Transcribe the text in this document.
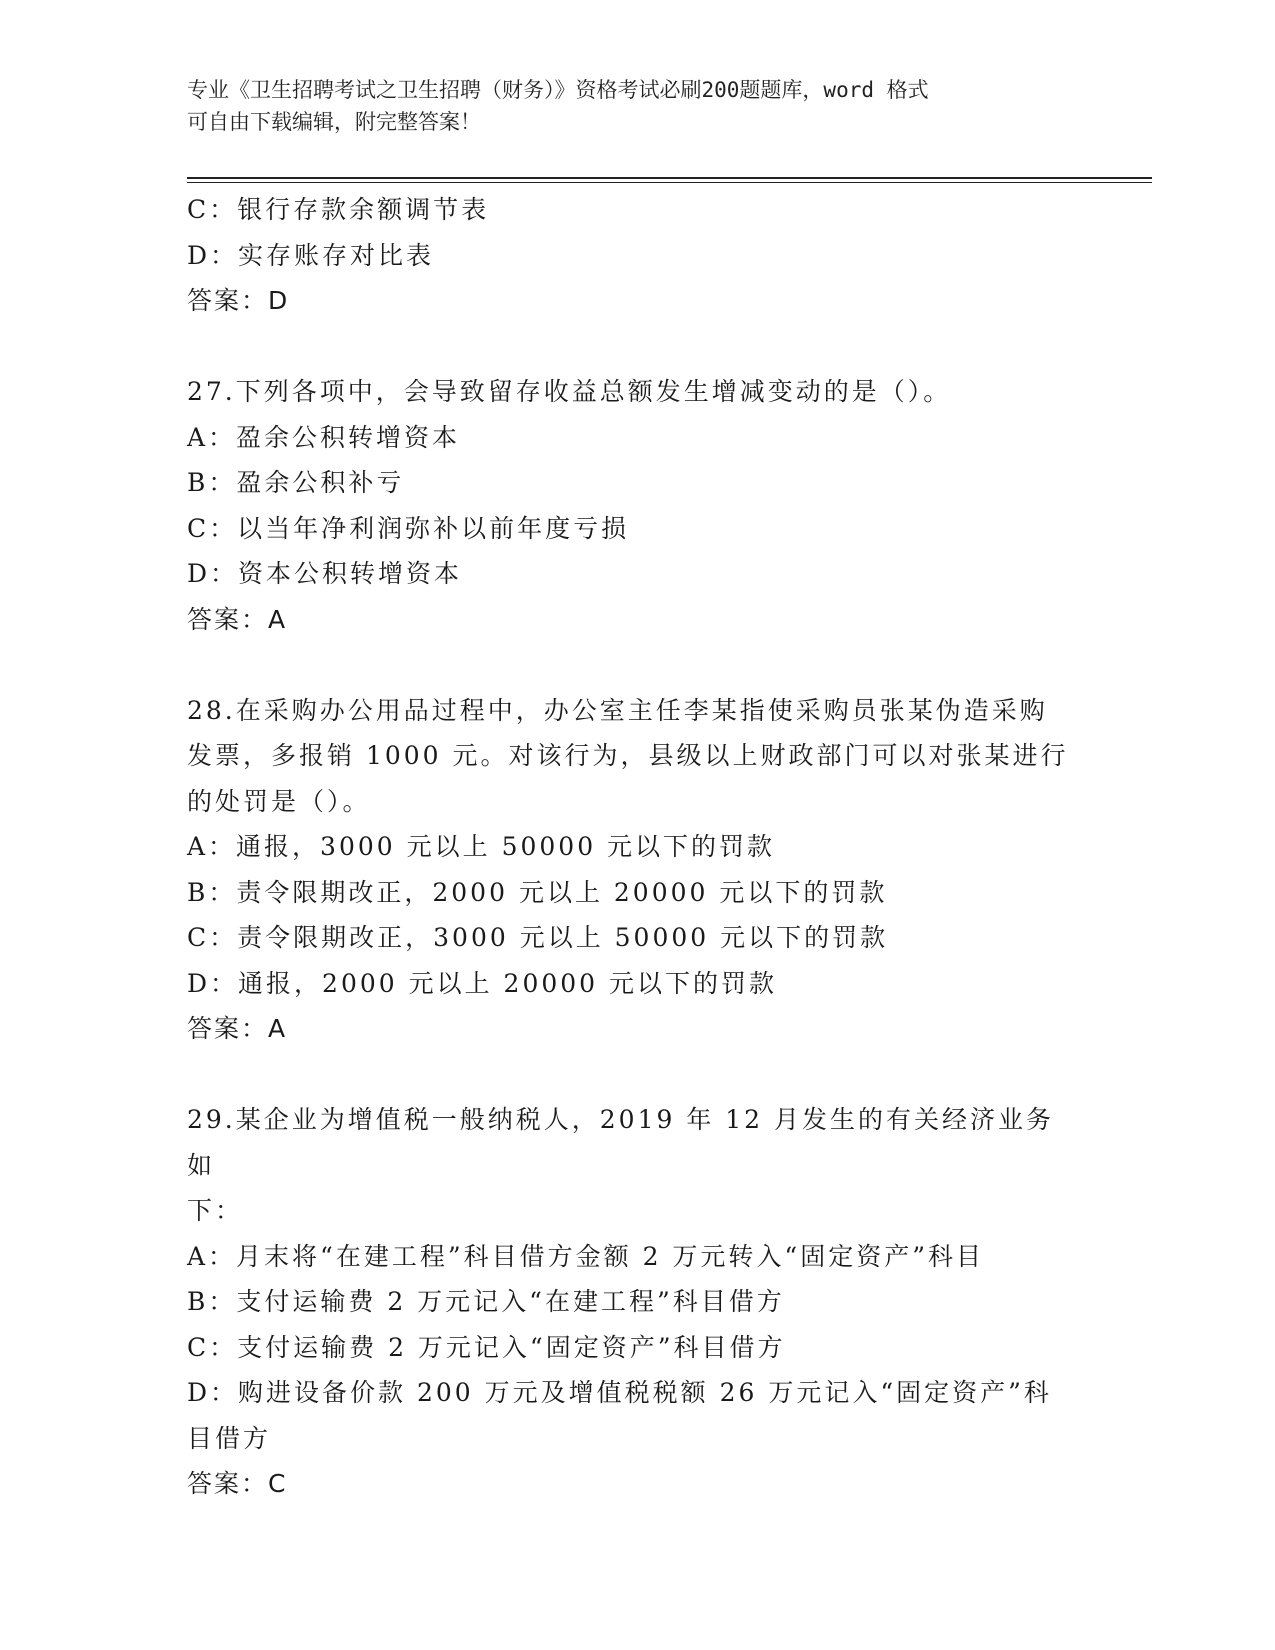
专业《卫生招聘考试之卫生招聘（财务）》资格考试必刷200题题库，word 格式
可自由下载编辑，附完整答案！
C：银行存款余额调节表
D：实存账存对比表
答案：D
27.下列各项中，会导致留存收益总额发生增减变动的是（）。
A：盈余公积转增资本
B：盈余公积补亏
C：以当年净利润弥补以前年度亏损
D：资本公积转增资本
答案：A
28.在采购办公用品过程中，办公室主任李某指使采购员张某伪造采购
发票，多报销 1000 元。对该行为，县级以上财政部门可以对张某进行
的处罚是（）。
A：通报，3000 元以上 50000 元以下的罚款
B：责令限期改正，2000 元以上 20000 元以下的罚款
C：责令限期改正，3000 元以上 50000 元以下的罚款
D：通报，2000 元以上 20000 元以下的罚款
答案：A
29.某企业为增值税一般纳税人，2019 年 12 月发生的有关经济业务如
下：
A：月末将“在建工程”科目借方金额 2 万元转入“固定资产”科目
B：支付运输费 2 万元记入“在建工程”科目借方
C：支付运输费 2 万元记入“固定资产”科目借方
D：购进设备价款 200 万元及增值税税额 26 万元记入“固定资产”科
目借方
答案：C
